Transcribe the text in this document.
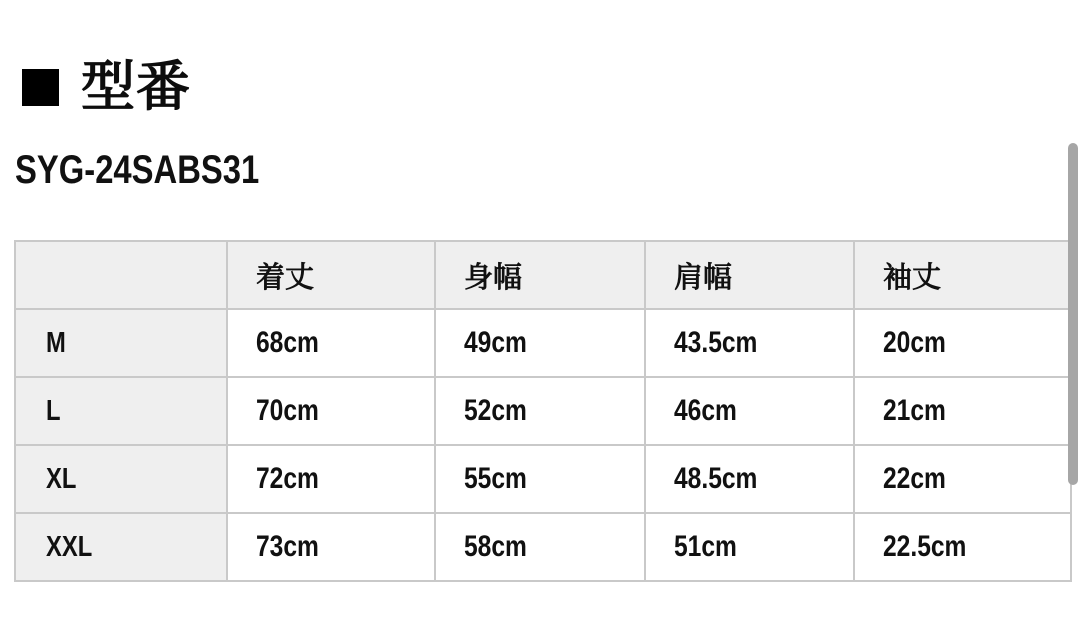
型番
SYG-24SABS31
	着丈	身幅	肩幅	袖丈
M	68cm	49cm	43.5cm	20cm
L	70cm	52cm	46cm	21cm
XL	72cm	55cm	48.5cm	22cm
XXL	73cm	58cm	51cm	22.5cm
